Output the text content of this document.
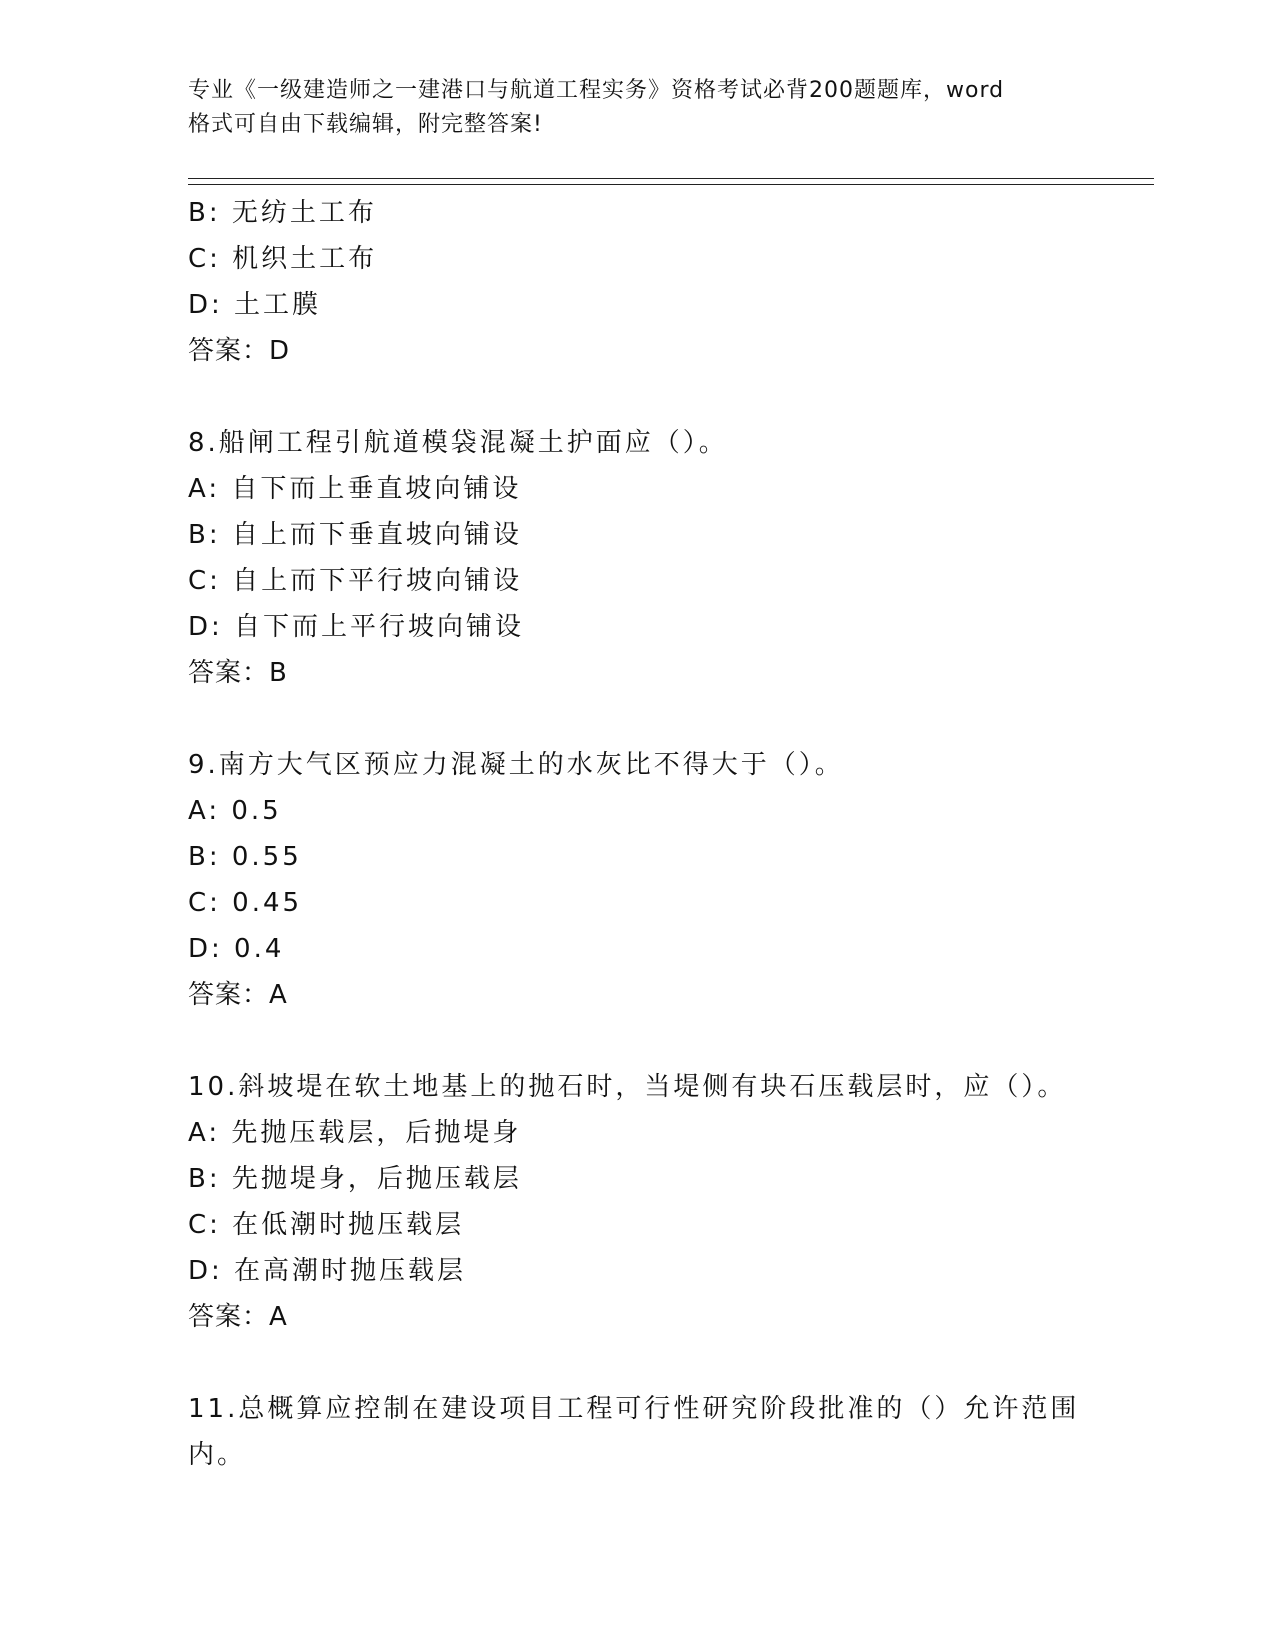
专业《一级建造师之一建港口与航道工程实务》资格考试必背200题题库，word
格式可自由下载编辑，附完整答案!
B: 无纺土工布
C: 机织土工布
D: 土工膜
答案：D
8.船闸工程引航道模袋混凝土护面应（）。
A: 自下而上垂直坡向铺设
B: 自上而下垂直坡向铺设
C: 自上而下平行坡向铺设
D: 自下而上平行坡向铺设
答案：B
9.南方大气区预应力混凝土的水灰比不得大于（）。
A: 0.5
B: 0.55
C: 0.45
D: 0.4
答案：A
10.斜坡堤在软土地基上的抛石时，当堤侧有块石压载层时，应（）。
A: 先抛压载层，后抛堤身
B: 先抛堤身，后抛压载层
C: 在低潮时抛压载层
D: 在高潮时抛压载层
答案：A
11.总概算应控制在建设项目工程可行性研究阶段批准的（）允许范围
内。
